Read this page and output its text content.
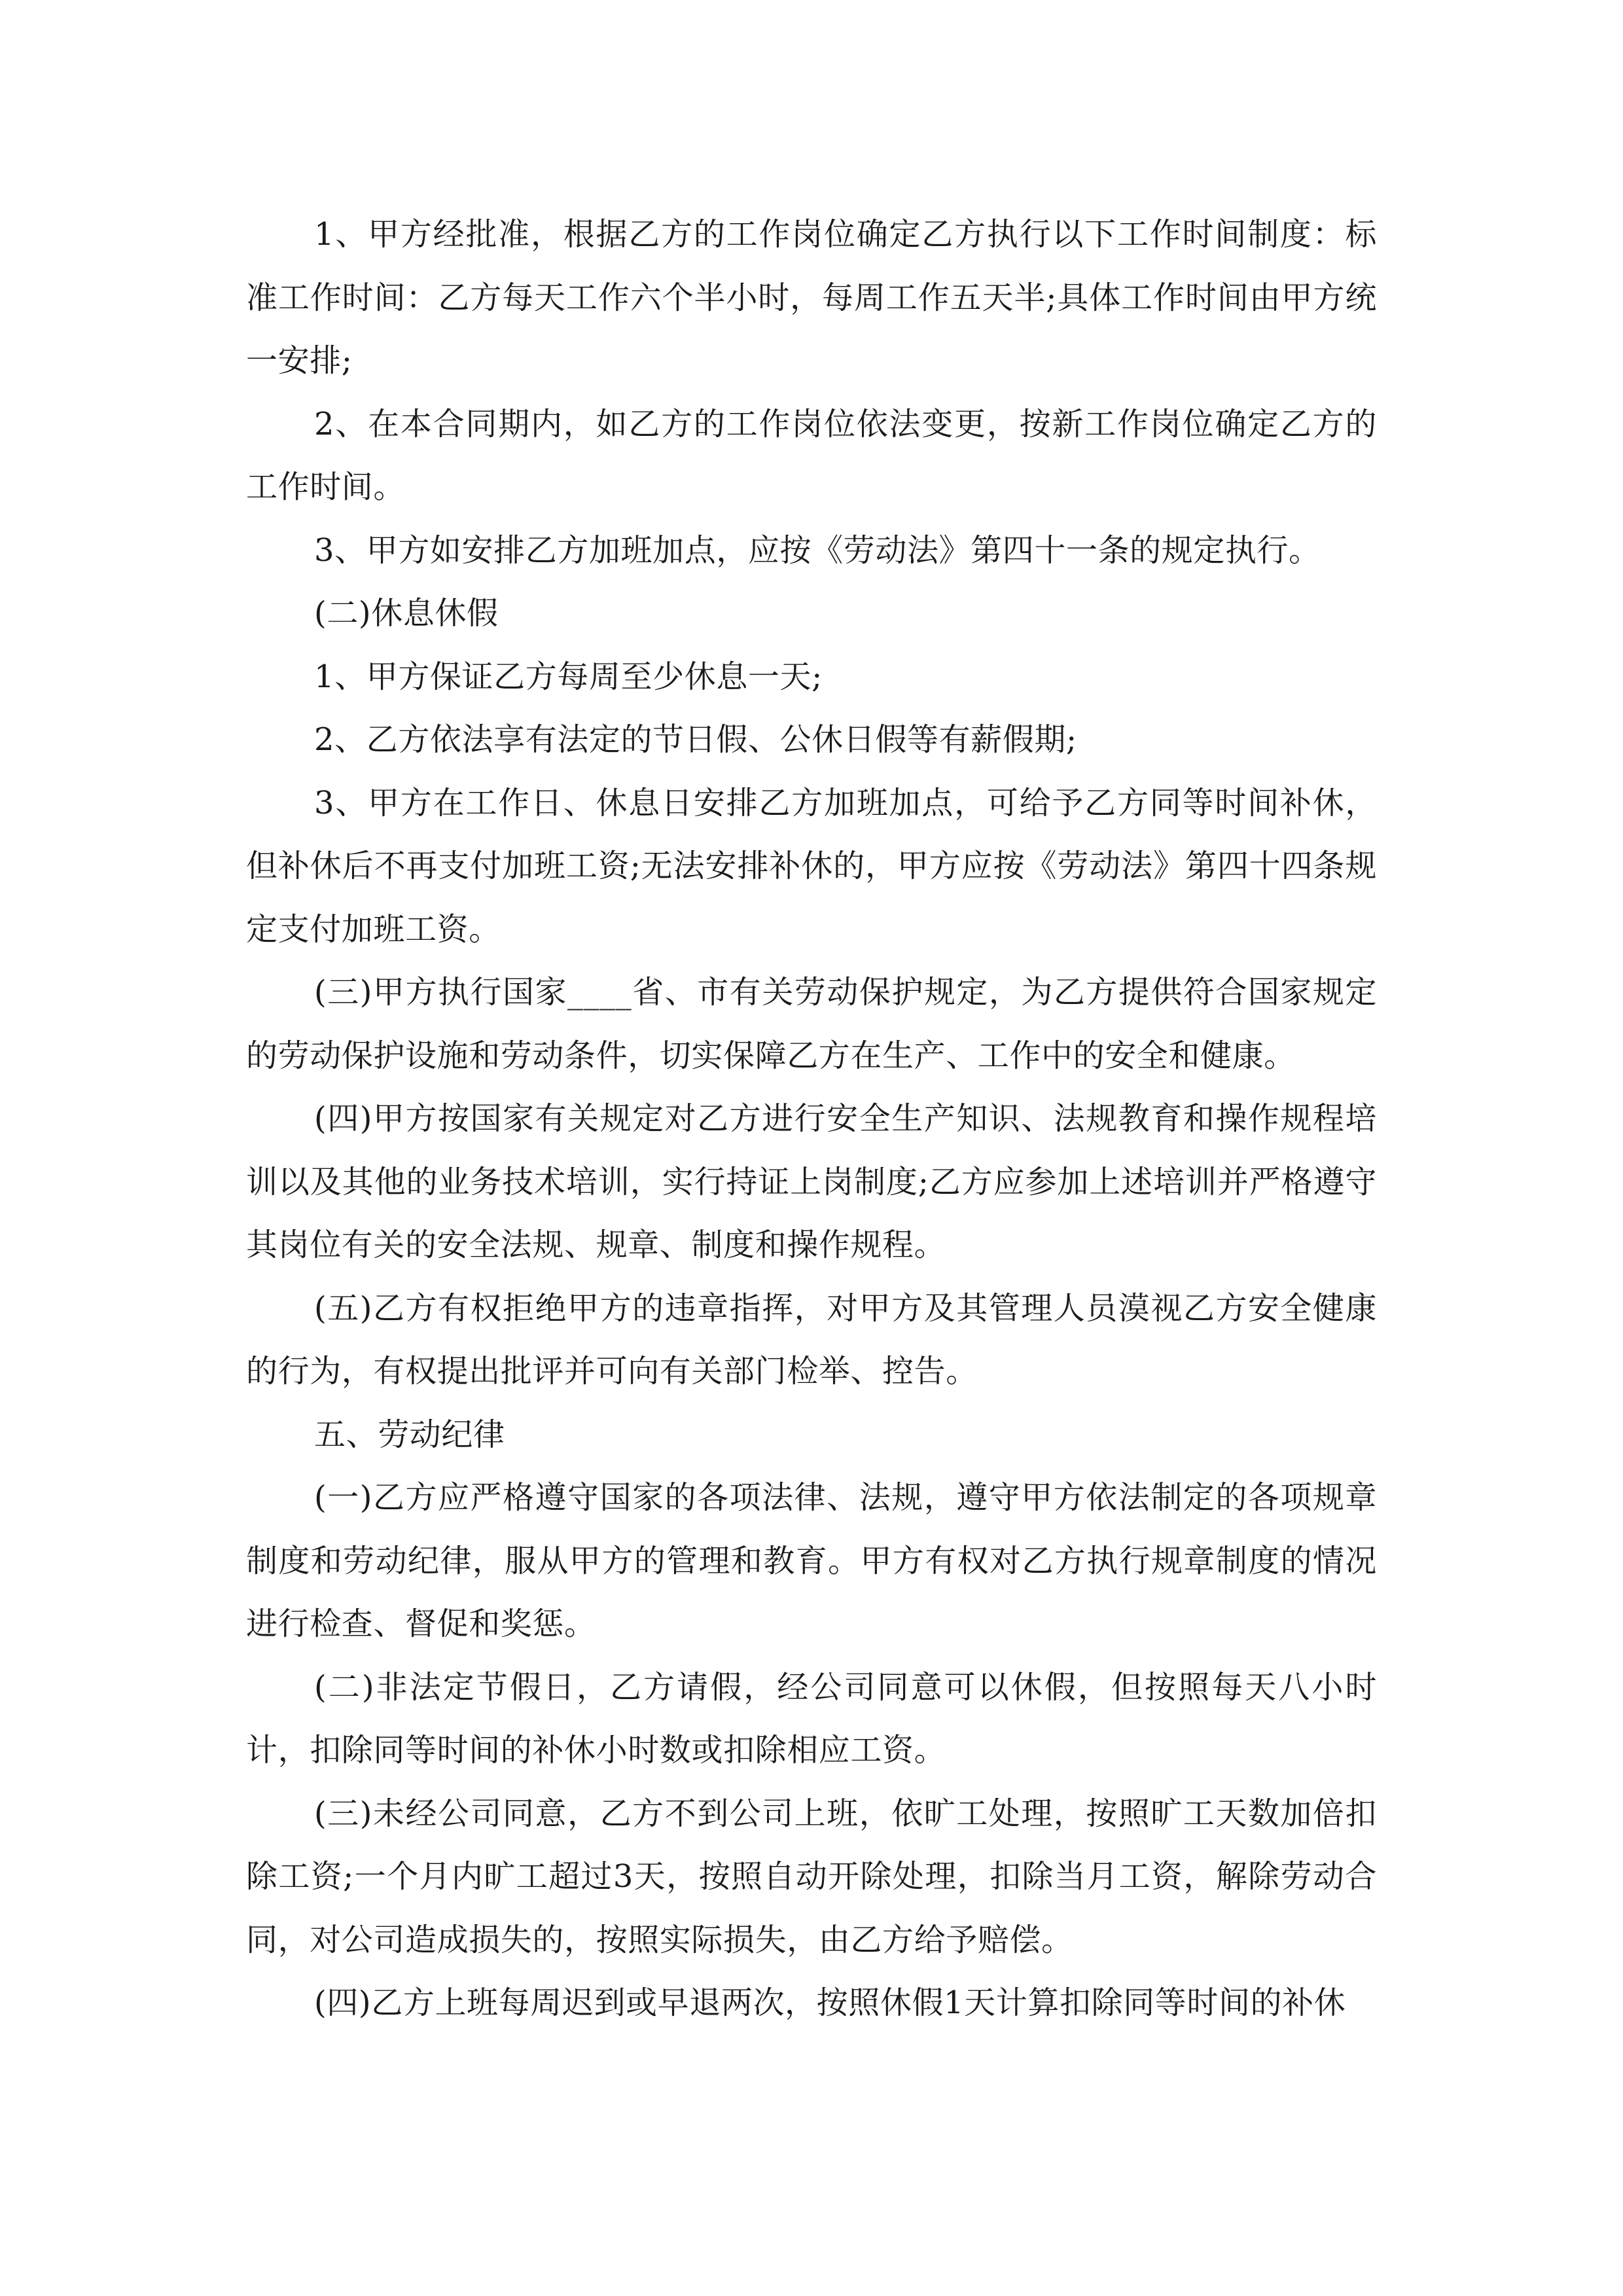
1、甲方经批准，根据乙方的工作岗位确定乙方执行以下工作时间制度：标准工作时间：乙方每天工作六个半小时，每周工作五天半;具体工作时间由甲方统一安排;

2、在本合同期内，如乙方的工作岗位依法变更，按新工作岗位确定乙方的工作时间。

3、甲方如安排乙方加班加点，应按《劳动法》第四十一条的规定执行。

(二)休息休假

1、甲方保证乙方每周至少休息一天;

2、乙方依法享有法定的节日假、公休日假等有薪假期;

3、甲方在工作日、休息日安排乙方加班加点，可给予乙方同等时间补休，但补休后不再支付加班工资;无法安排补休的，甲方应按《劳动法》第四十四条规定支付加班工资。

(三)甲方执行国家____省、市有关劳动保护规定，为乙方提供符合国家规定的劳动保护设施和劳动条件，切实保障乙方在生产、工作中的安全和健康。

(四)甲方按国家有关规定对乙方进行安全生产知识、法规教育和操作规程培训以及其他的业务技术培训，实行持证上岗制度;乙方应参加上述培训并严格遵守其岗位有关的安全法规、规章、制度和操作规程。

(五)乙方有权拒绝甲方的违章指挥，对甲方及其管理人员漠视乙方安全健康的行为，有权提出批评并可向有关部门检举、控告。

五、劳动纪律

(一)乙方应严格遵守国家的各项法律、法规，遵守甲方依法制定的各项规章制度和劳动纪律，服从甲方的管理和教育。甲方有权对乙方执行规章制度的情况进行检查、督促和奖惩。

(二)非法定节假日，乙方请假，经公司同意可以休假，但按照每天八小时计，扣除同等时间的补休小时数或扣除相应工资。

(三)未经公司同意，乙方不到公司上班，依旷工处理，按照旷工天数加倍扣除工资;一个月内旷工超过3天，按照自动开除处理，扣除当月工资，解除劳动合同，对公司造成损失的，按照实际损失，由乙方给予赔偿。

(四)乙方上班每周迟到或早退两次，按照休假1天计算扣除同等时间的补休
